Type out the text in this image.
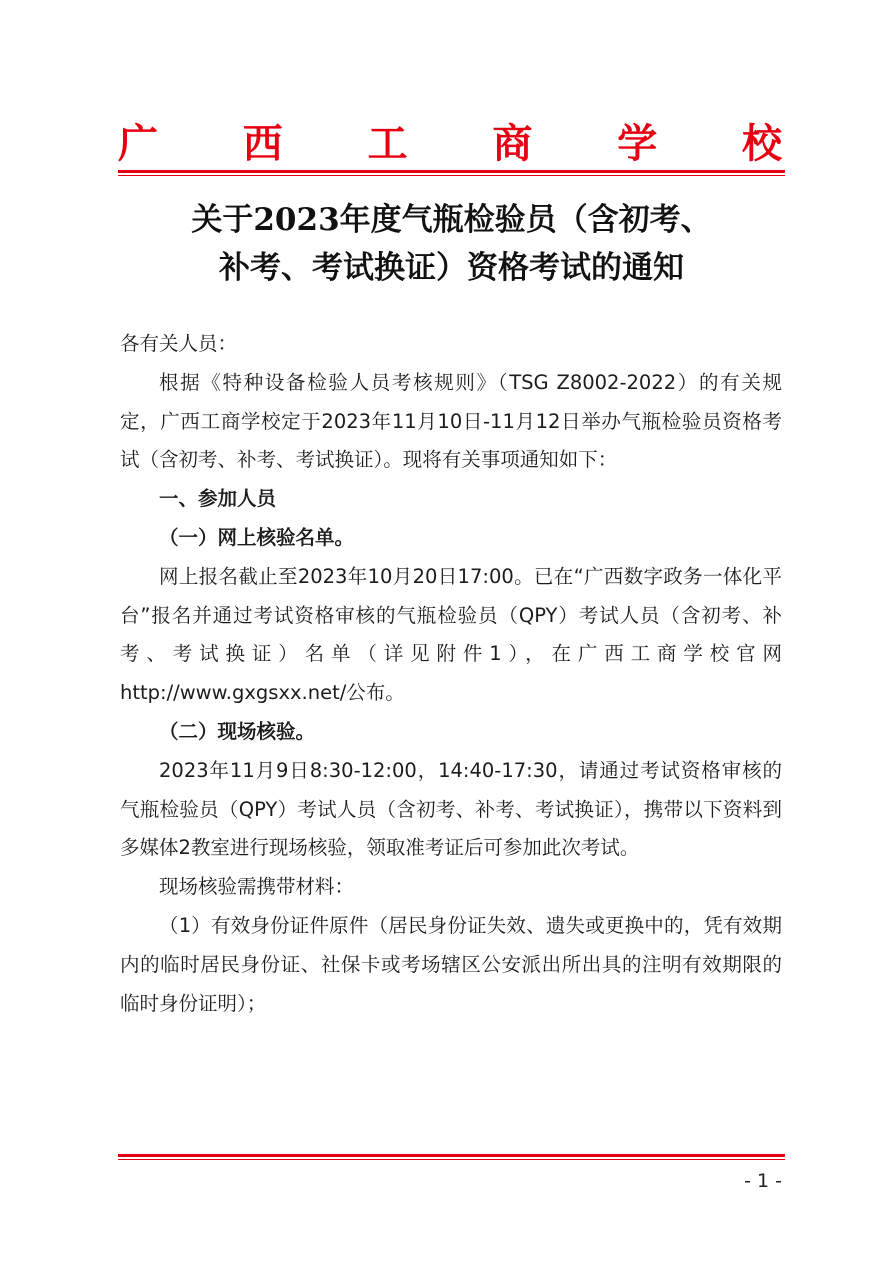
广 西 工 商 学 校
关于2023年度气瓶检验员（含初考、
补考、考试换证）资格考试的通知

各有关人员：

根据《特种设备检验人员考核规则》（TSG Z8002-2022）的有关规定，广西工商学校定于2023年11月10日-11月12日举办气瓶检验员资格考试（含初考、补考、考试换证）。现将有关事项通知如下：

一、参加人员

（一）网上核验名单。

网上报名截止至2023年10月20日17:00。已在“广西数字政务一体化平台”报名并通过考试资格审核的气瓶检验员（QPY）考试人员（含初考、补考、考试换证）名单（详见附件1），在广西工商学校官网http://www.gxgsxx.net/公布。

（二）现场核验。

2023年11月9日8:30-12:00，14:40-17:30，请通过考试资格审核的气瓶检验员（QPY）考试人员（含初考、补考、考试换证），携带以下资料到多媒体2教室进行现场核验，领取准考证后可参加此次考试。

现场核验需携带材料：

（1）有效身份证件原件（居民身份证失效、遗失或更换中的，凭有效期内的临时居民身份证、社保卡或考场辖区公安派出所出具的注明有效期限的临时身份证明）；

- 1 -
